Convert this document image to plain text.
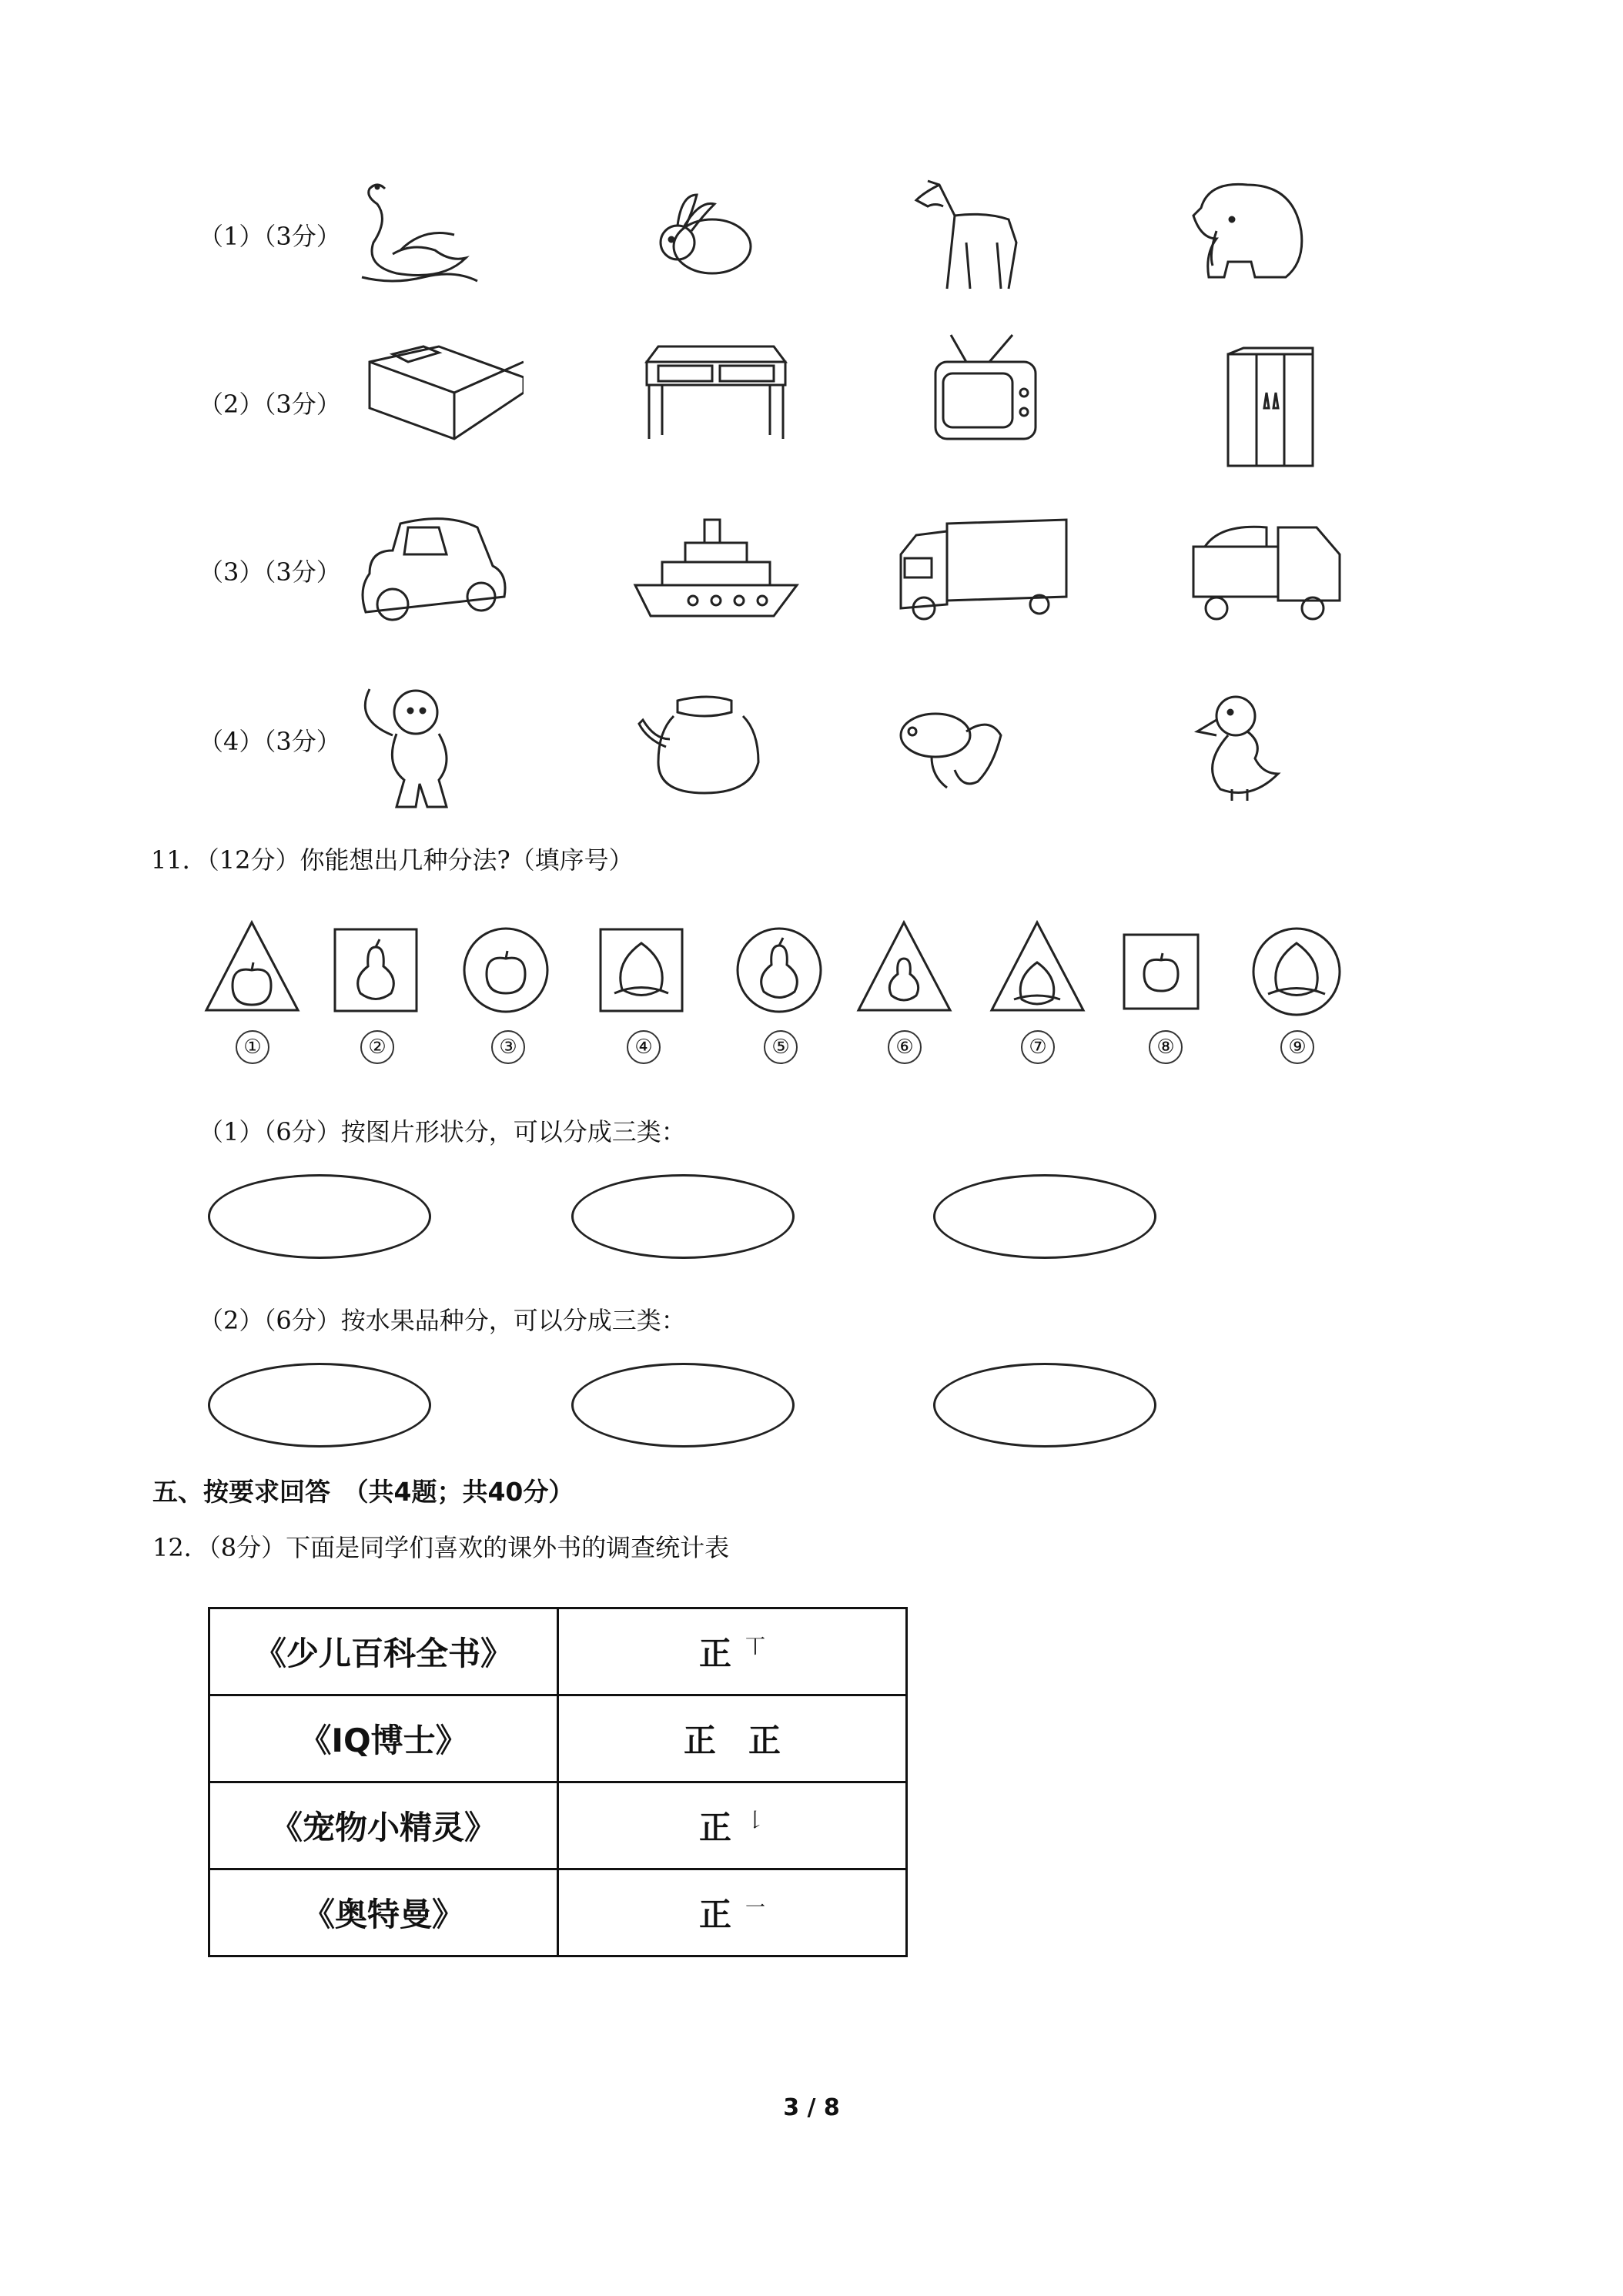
（1）（3分）
（2）（3分）
（3）（3分）
（4）（3分）
11．（12分）你能想出几种分法?（填序号）
①	②	③	④	⑤	⑥	⑦	⑧	⑨
（1）（6分）按图片形状分，可以分成三类：
（2）（6分）按水果品种分，可以分成三类：
五、按要求回答　（共4题；共40分）
12．（8分）下面是同学们喜欢的课外书的调查统计表
《少儿百科全书》	正 $^丅$
《IQ博士》	正　正
《宠物小精灵》	正 $^𠄌$
《奥特曼》	正 $^一$
3 / 8
